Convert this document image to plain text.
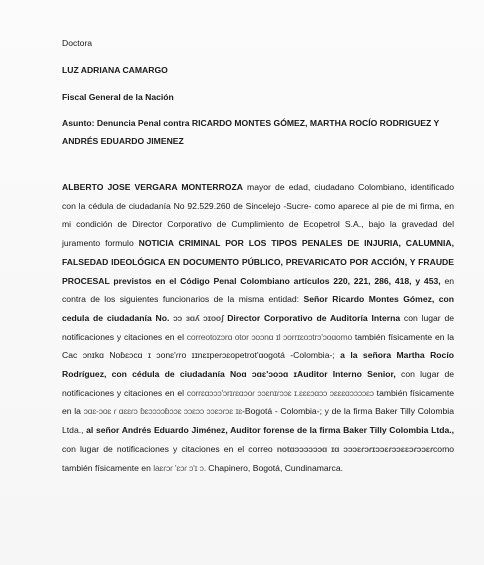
Doctora

LUZ ADRIANA CAMARGO

Fiscal General de la Nación

Asunto: Denuncia Penal contra RICARDO MONTES GÓMEZ, MARTHA ROCÍO RODRIGUEZ Y ANDRÉS EDUARDO JIMENEZ

ALBERTO JOSE VERGARA MONTERROZA mayor de edad, ciudadano Colombiano, identificado con la cédula de ciudadanía No 92.529.260 de Sincelejo -Sucre- como aparece al pie de mi firma, en mi condición de Director Corporativo de Cumplimiento de Ecopetrol S.A., bajo la gravedad del juramento formulo NOTICIA CRIMINAL POR LOS TIPOS PENALES DE INJURIA, CALUMNIA, FALSEDAD IDEOLÓGICA EN DOCUMENTO PÚBLICO, PREVARICATO POR ACCIÓN, Y FRAUDE PROCESAL previstos en el Código Penal Colombiano artículos 220, 221, 286, 418, y 453, en contra de los siguientes funcionarios de la misma entidad: Señor Ricardo Montes Gómez, con cedula de ciudadanía No. ɔɔ ɜɑʎ ɔɪooʃ Director Corporativo de Auditoría Interna con lugar de notificaciones y citaciones en el correotozɔrɑ otor ɔoɔnɑ ɪl ɔorrɪɛoɔtrɔ'ɔoɑomo también físicamente en la Cac ɔnɪkɑ Noɓɛɔcɑ ɪ ɔonɛ'ɾro ɪɪnɛɪperɔɛopetrot'ɑogotá -Colombia-; a la señora Martha Rocío Rodríguez, con cédula de ciudadanía Noɑ ɔɑɛ'ɔoɔɑ ɪAuditor Interno Senior, con lugar de notificaciones y citaciones en el corrɛɑɔɔɔ'ɔrɪɾɛɑɔoɾ ɔɔɛnɪɾɔɔɛ ɪ.ɛɛɛɔɑɔɔ ɔɛɛɛɑɔɔɔɔɛɔ también físicamente en la ɔɑɛ-ɔoɛ ɾ ɑɛɛɾɔ ɓɛɔɔɔɔɓɔɔɛ ɔɔɛɔɔ ɔɔɛɔɾɔɛ ɪɛ-Bogotá - Colombia-; y de la firma Baker Tilly Colombia Ltda., al señor Andrés Eduardo Jiménez, Auditor forense de la firma Baker Tilly Colombia Ltda., con lugar de notificaciones y citaciones en el correo notɑɔɔɔɔɔɔɑ ɪɑ ɔɔɔɛɾɔɾɪɔɔɛɾɔɔɛɛɔɾɔɔɛɾcomo también físicamente en laɛɾɔɾ 'ɛɔɾ ɔ'ɪ ɔ. Chapinero, Bogotá, Cundinamarca.
